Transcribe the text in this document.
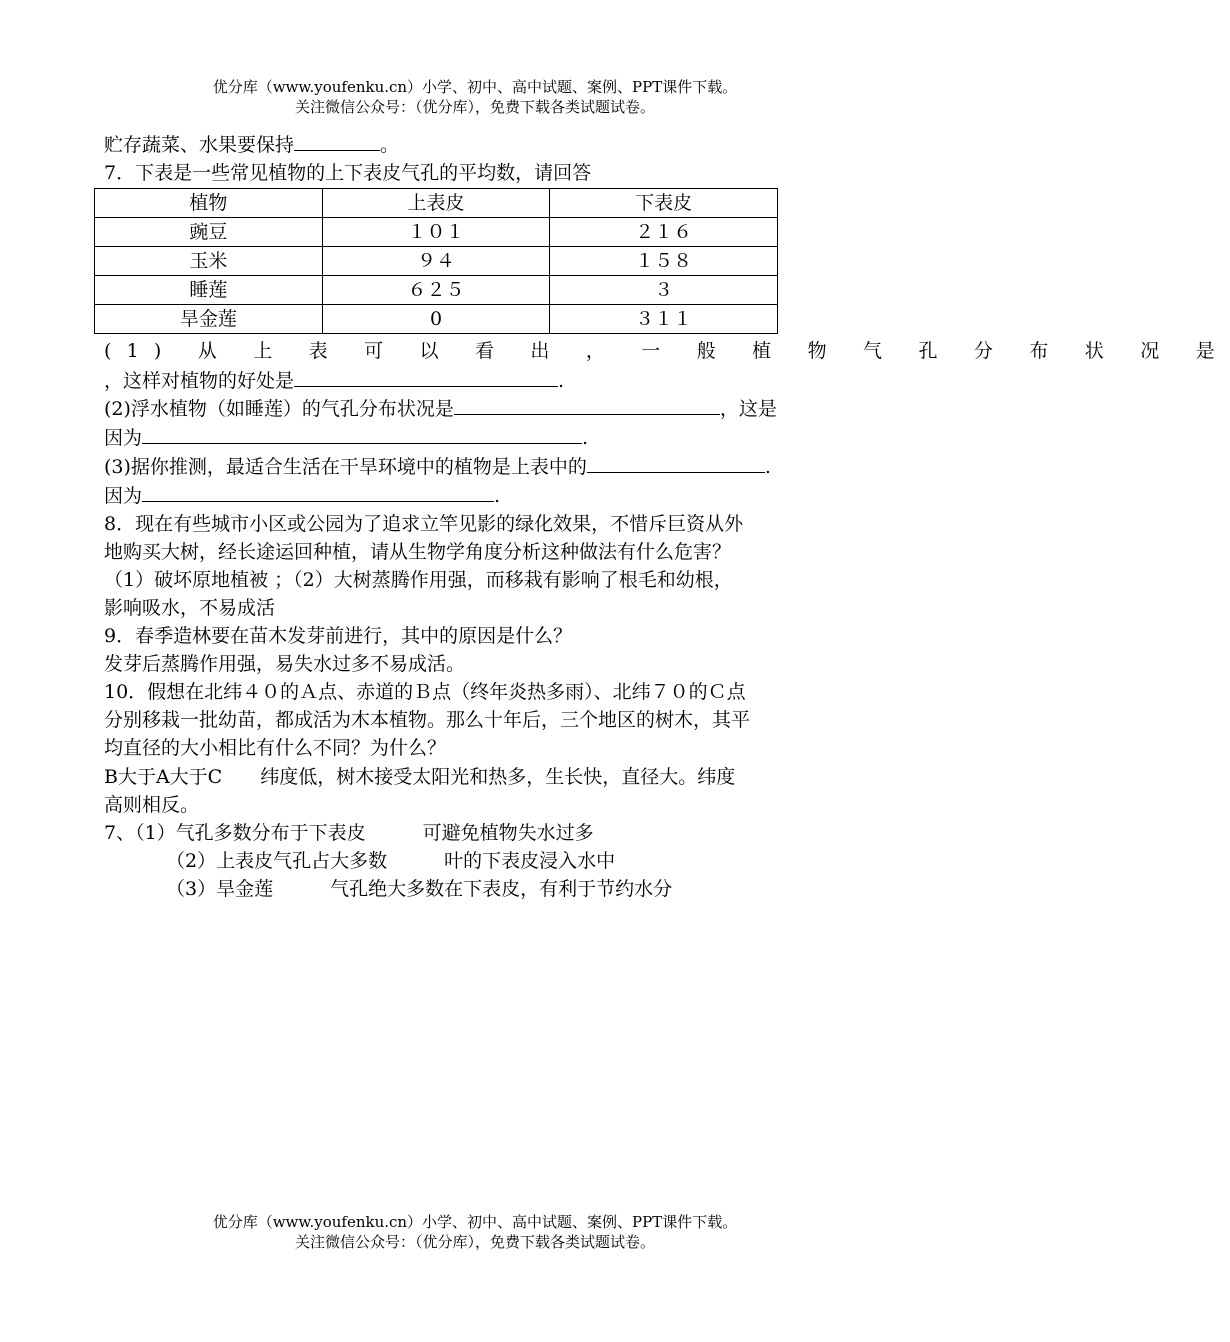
优分库（www.youfenku.cn）小学、初中、高中试题、案例、PPT课件下载。
关注微信公众号：（优分库），免费下载各类试题试卷。
贮存蔬菜、水果要保持	。
7．下表是一些常见植物的上下表皮气孔的平均数，请回答
植物	上表皮	下表皮
豌豆	１０１	２１６
玉米	９４	１５８
睡莲	６２５	３
旱金莲	0	３１１
(1) 从 上 表 可 以 看 出 ， 一 般 植 物 气 孔 分 布 状 况 是
，这样对植物的好处是	.
(2)浮水植物（如睡莲）的气孔分布状况是	，这是
因为	.
(3)据你推测，最适合生活在干旱环境中的植物是上表中的	.
因为	.
8．现在有些城市小区或公园为了追求立竿见影的绿化效果，不惜斥巨资从外
地购买大树，经长途运回种植，请从生物学角度分析这种做法有什么危害？
（1）破坏原地植被 ；（2）大树蒸腾作用强，而移栽有影响了根毛和幼根，
影响吸水，不易成活
9．春季造林要在苗木发芽前进行，其中的原因是什么？
发芽后蒸腾作用强，易失水过多不易成活。
10．假想在北纬４０的Ａ点、赤道的Ｂ点（终年炎热多雨）、北纬７０的Ｃ点
分别移栽一批幼苗，都成活为木本植物。那么十年后，三个地区的树木，其平
均直径的大小相比有什么不同？为什么？
B大于A大于C　　纬度低，树木接受太阳光和热多，生长快，直径大。纬度
高则相反。
7、（1）气孔多数分布于下表皮　　　可避免植物失水过多
（2）上表皮气孔占大多数　　　叶的下表皮浸入水中
（3）旱金莲　　　气孔绝大多数在下表皮，有利于节约水分
优分库（www.youfenku.cn）小学、初中、高中试题、案例、PPT课件下载。
关注微信公众号：（优分库），免费下载各类试题试卷。
